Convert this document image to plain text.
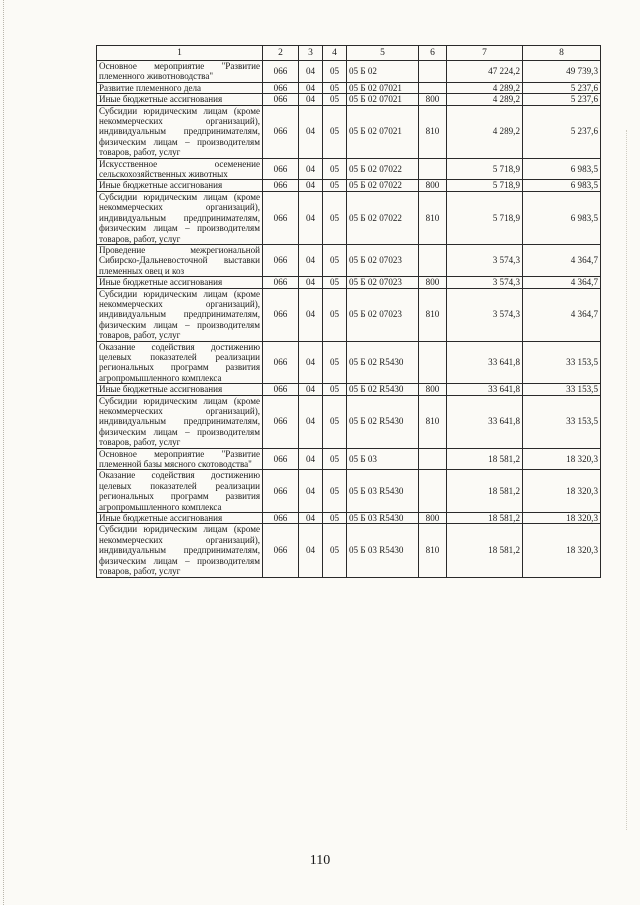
1	2	3	4	5	6	7	8
Основное мероприятие "Развитие племенного животноводства"	066	04	05	05 Б 02		47 224,2	49 739,3
Развитие племенного дела	066	04	05	05 Б 02 07021		4 289,2	5 237,6
Иные бюджетные ассигнования	066	04	05	05 Б 02 07021	800	4 289,2	5 237,6
Субсидии юридическим лицам (кроме некоммерческих организаций), индивидуальным предпринимателям, физическим лицам – производителям товаров, работ, услуг	066	04	05	05 Б 02 07021	810	4 289,2	5 237,6
Искусственное осеменение сельскохозяйственных животных	066	04	05	05 Б 02 07022		5 718,9	6 983,5
Иные бюджетные ассигнования	066	04	05	05 Б 02 07022	800	5 718,9	6 983,5
Субсидии юридическим лицам (кроме некоммерческих организаций), индивидуальным предпринимателям, физическим лицам – производителям товаров, работ, услуг	066	04	05	05 Б 02 07022	810	5 718,9	6 983,5
Проведение межрегиональной Сибирско-Дальневосточной выставки племенных овец и коз	066	04	05	05 Б 02 07023		3 574,3	4 364,7
Иные бюджетные ассигнования	066	04	05	05 Б 02 07023	800	3 574,3	4 364,7
Субсидии юридическим лицам (кроме некоммерческих организаций), индивидуальным предпринимателям, физическим лицам – производителям товаров, работ, услуг	066	04	05	05 Б 02 07023	810	3 574,3	4 364,7
Оказание содействия достижению целевых показателей реализации региональных программ развития агропромышленного комплекса	066	04	05	05 Б 02 R5430		33 641,8	33 153,5
Иные бюджетные ассигнования	066	04	05	05 Б 02 R5430	800	33 641,8	33 153,5
Субсидии юридическим лицам (кроме некоммерческих организаций), индивидуальным предпринимателям, физическим лицам – производителям товаров, работ, услуг	066	04	05	05 Б 02 R5430	810	33 641,8	33 153,5
Основное мероприятие "Развитие племенной базы мясного скотоводства"	066	04	05	05 Б 03		18 581,2	18 320,3
Оказание содействия достижению целевых показателей реализации региональных программ развития агропромышленного комплекса	066	04	05	05 Б 03 R5430		18 581,2	18 320,3
Иные бюджетные ассигнования	066	04	05	05 Б 03 R5430	800	18 581,2	18 320,3
Субсидии юридическим лицам (кроме некоммерческих организаций), индивидуальным предпринимателям, физическим лицам – производителям товаров, работ, услуг	066	04	05	05 Б 03 R5430	810	18 581,2	18 320,3
110
